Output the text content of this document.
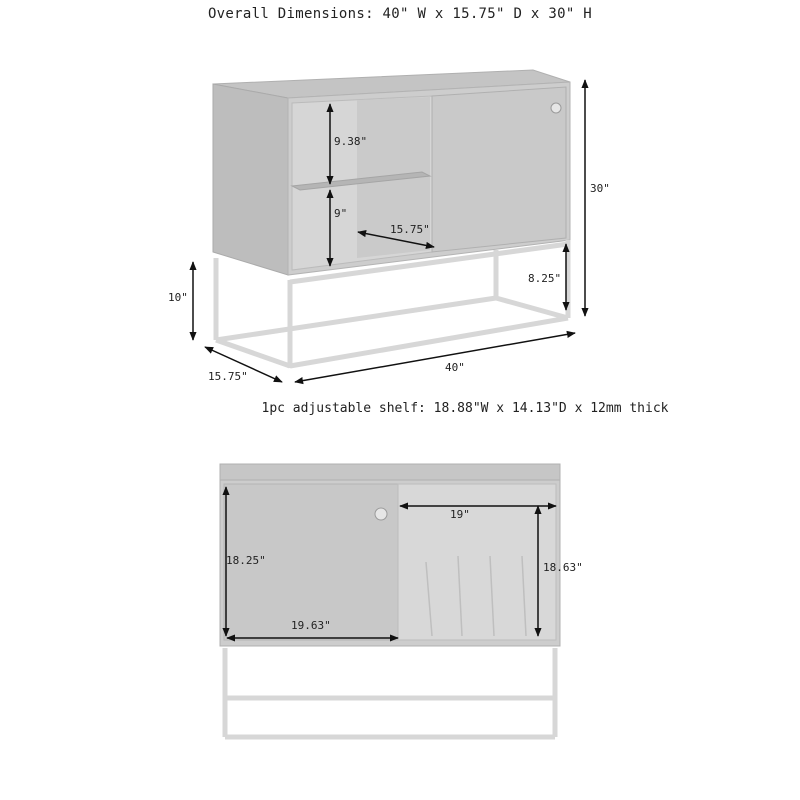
Overall Dimensions: 40" W x 15.75" D x 30" H
30"
10"
8.25"
15.75"
40"
9.38"
9"
15.75"
1pc adjustable shelf: 18.88"W x 14.13"D x 12mm thick
19"
18.25"
18.63"
19.63"
